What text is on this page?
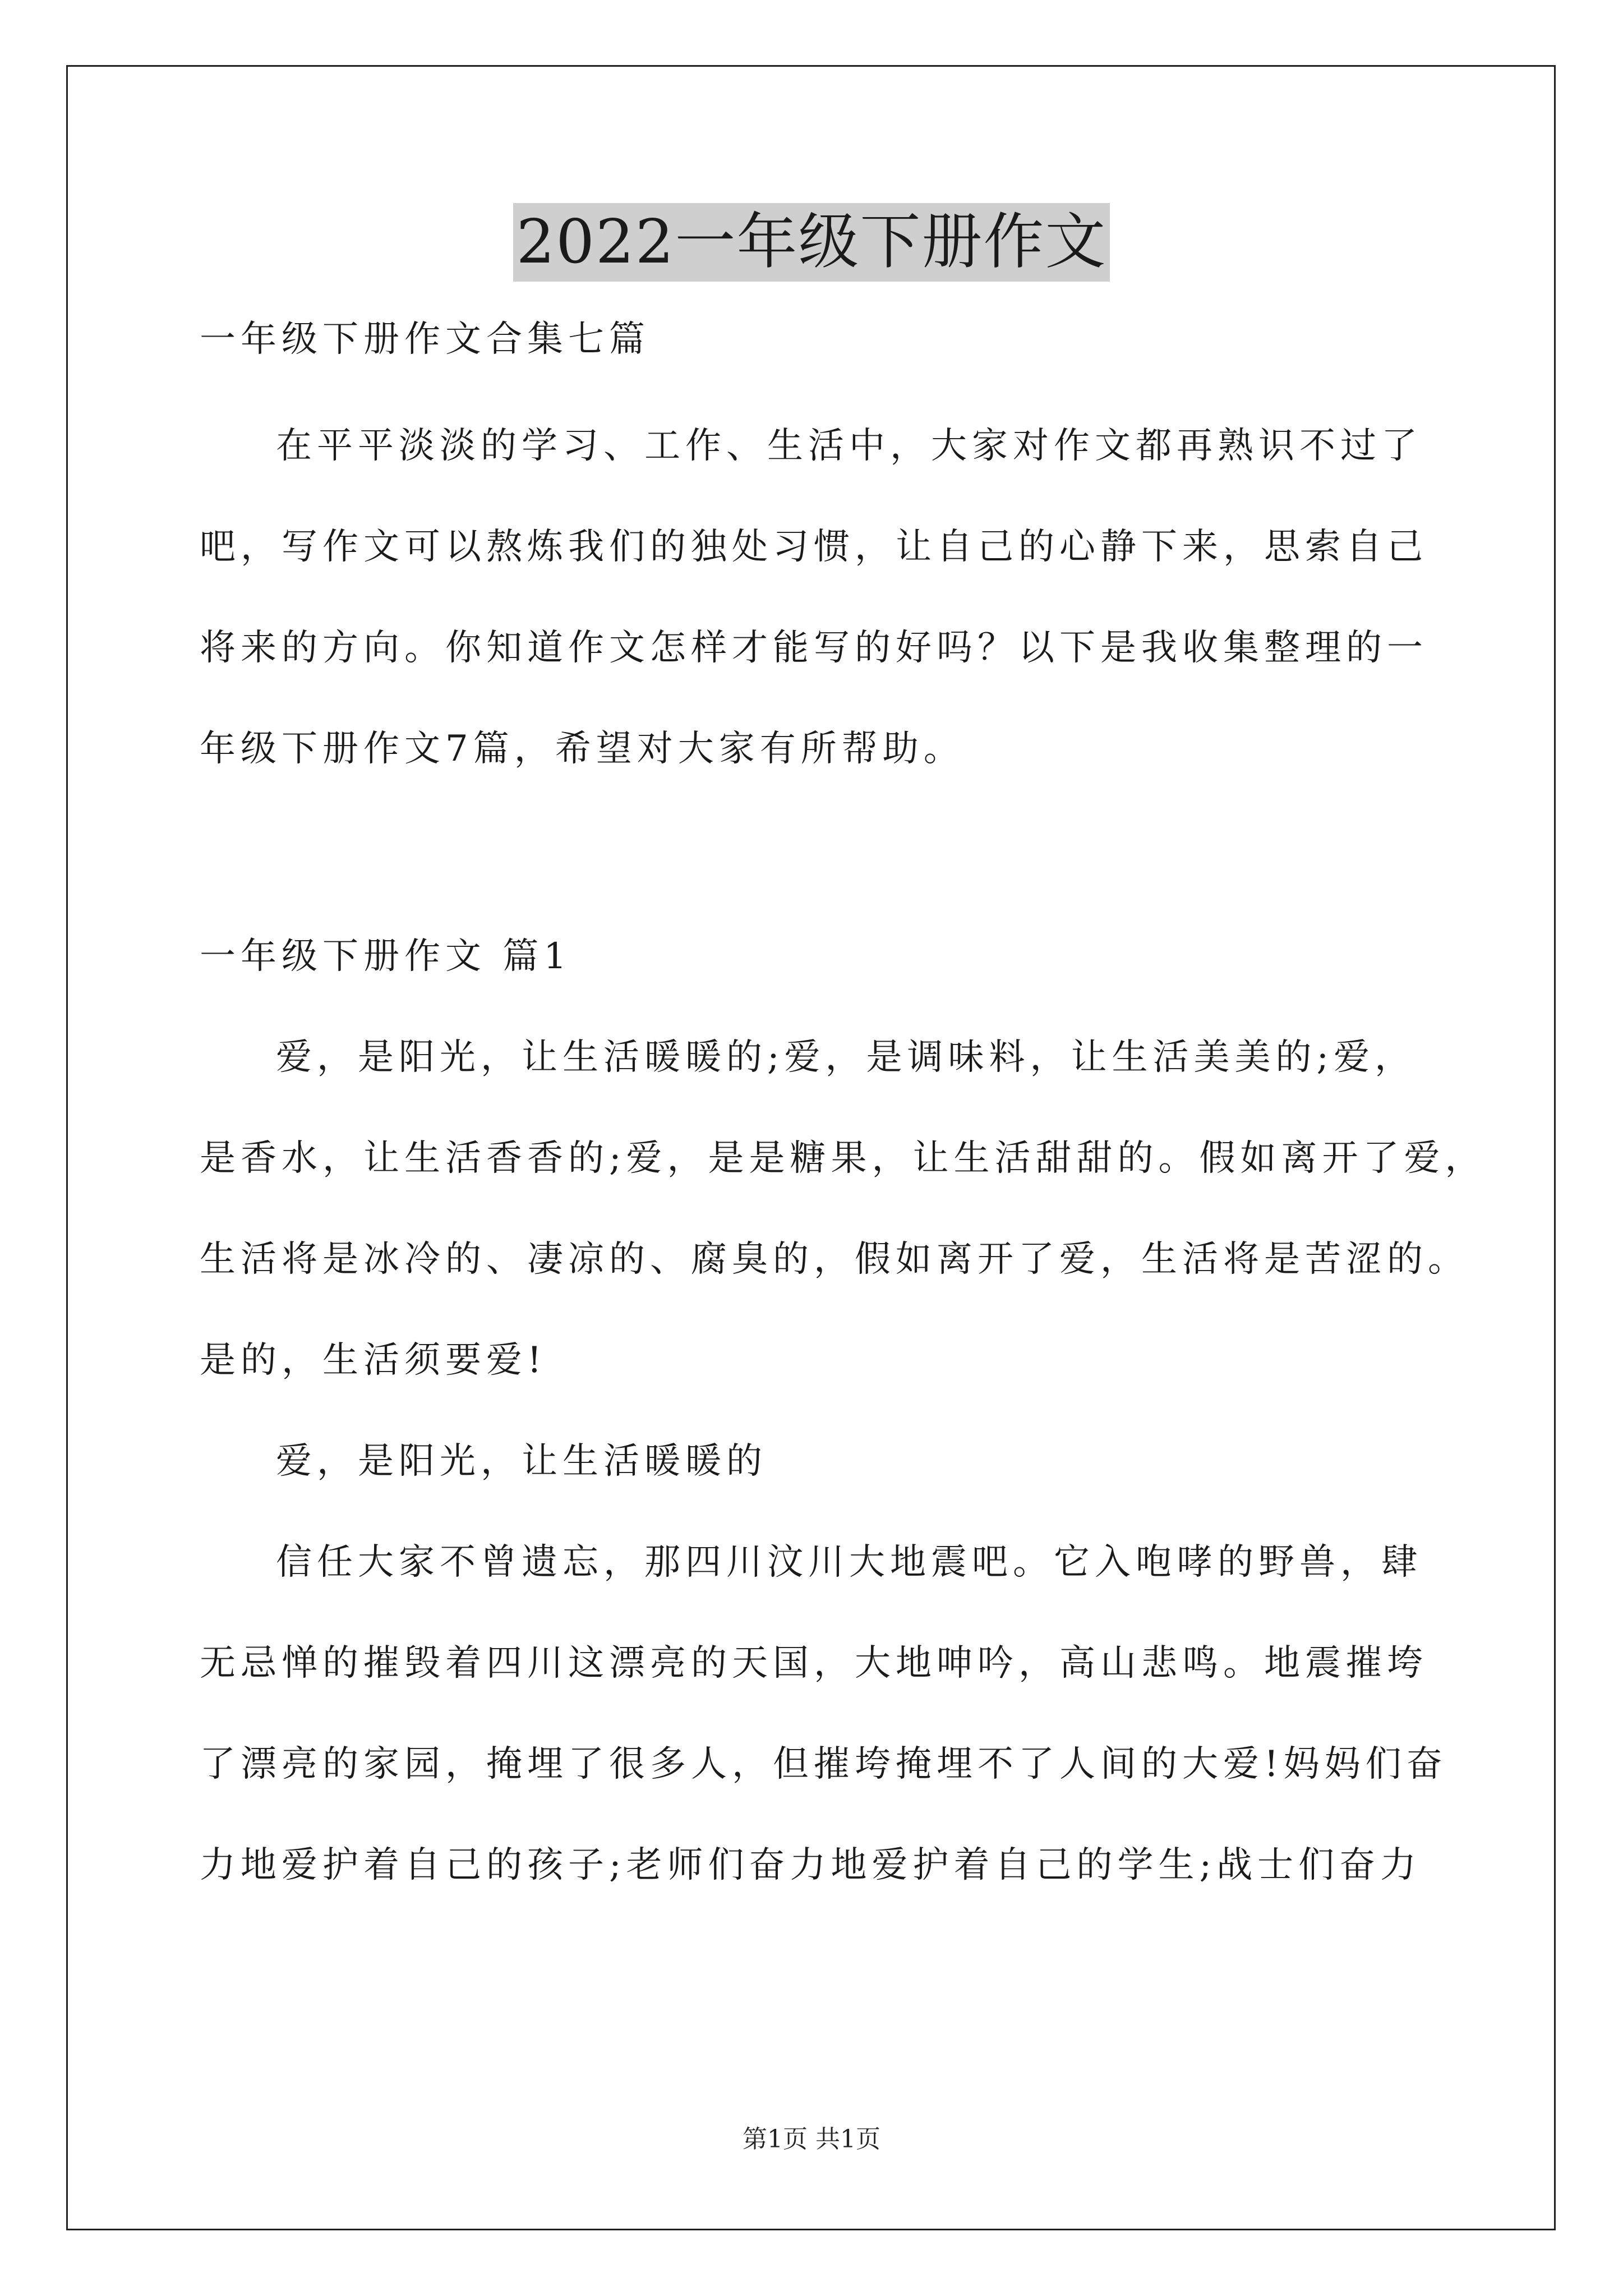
2022一年级下册作文
一年级下册作文合集七篇
在平平淡淡的学习、工作、生活中，大家对作文都再熟识不过了
吧，写作文可以熬炼我们的独处习惯，让自己的心静下来，思索自己
将来的方向。你知道作文怎样才能写的好吗？以下是我收集整理的一
年级下册作文7篇，希望对大家有所帮助。
一年级下册作文 篇1
爱，是阳光，让生活暖暖的;爱，是调味料，让生活美美的;爱，
是香水，让生活香香的;爱，是是糖果，让生活甜甜的。假如离开了爱，
生活将是冰冷的、凄凉的、腐臭的，假如离开了爱，生活将是苦涩的。
是的，生活须要爱!
爱，是阳光，让生活暖暖的
信任大家不曾遗忘，那四川汶川大地震吧。它入咆哮的野兽，肆
无忌惮的摧毁着四川这漂亮的天国，大地呻吟，高山悲鸣。地震摧垮
了漂亮的家园，掩埋了很多人，但摧垮掩埋不了人间的大爱!妈妈们奋
力地爱护着自己的孩子;老师们奋力地爱护着自己的学生;战士们奋力
第1页 共1页
